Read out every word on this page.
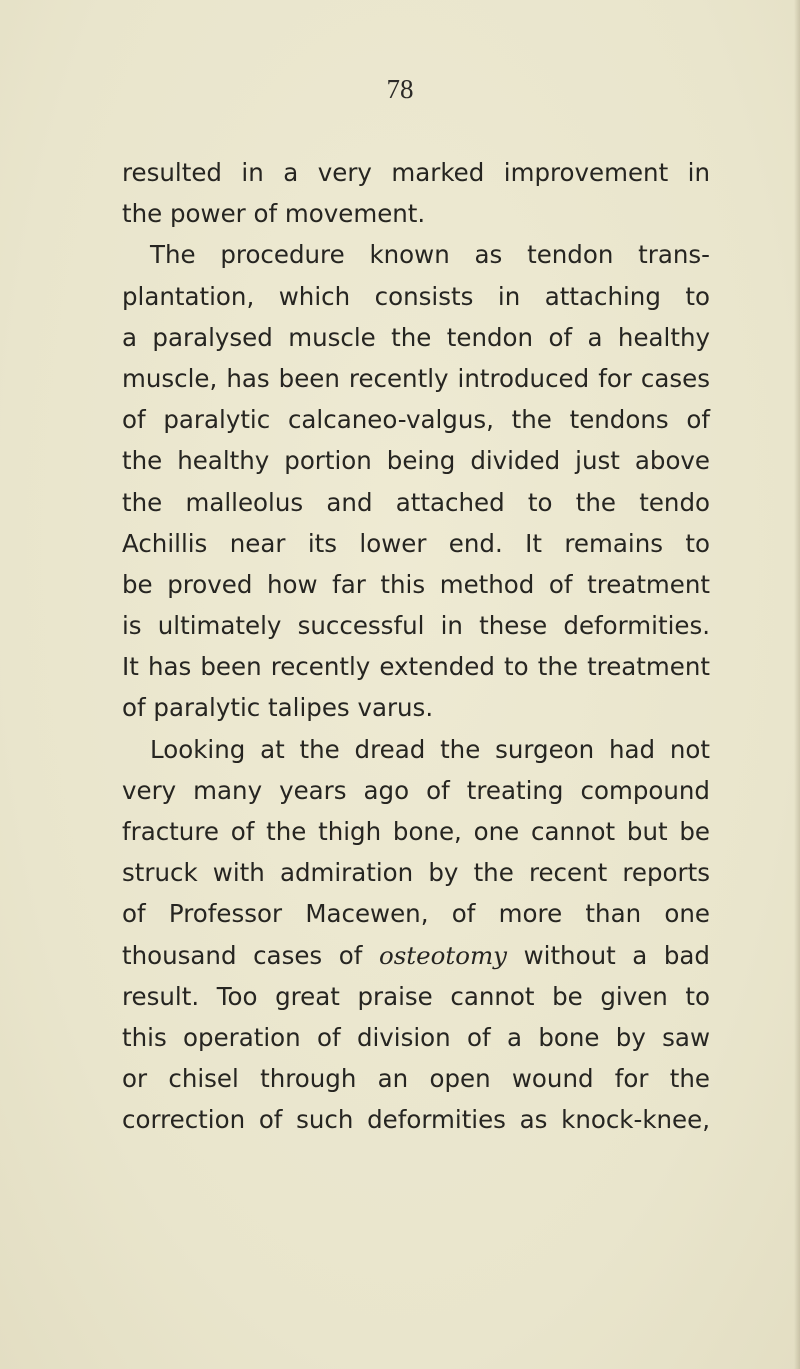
78
resulted in a very marked improvement in
the power of movement.
The procedure known as tendon trans-
plantation, which consists in attaching to
a paralysed muscle the tendon of a healthy
muscle, has been recently introduced for cases
of paralytic calcaneo-valgus, the tendons of
the healthy portion being divided just above
the malleolus and attached to the tendo
Achillis near its lower end. It remains to
be proved how far this method of treatment
is ultimately successful in these deformities.
It has been recently extended to the treatment
of paralytic talipes varus.
Looking at the dread the surgeon had not
very many years ago of treating compound
fracture of the thigh bone, one cannot but be
struck with admiration by the recent reports
of Professor Macewen, of more than one
thousand cases of osteotomy without a bad
result. Too great praise cannot be given to
this operation of division of a bone by saw
or chisel through an open wound for the
correction of such deformities as knock-knee,
